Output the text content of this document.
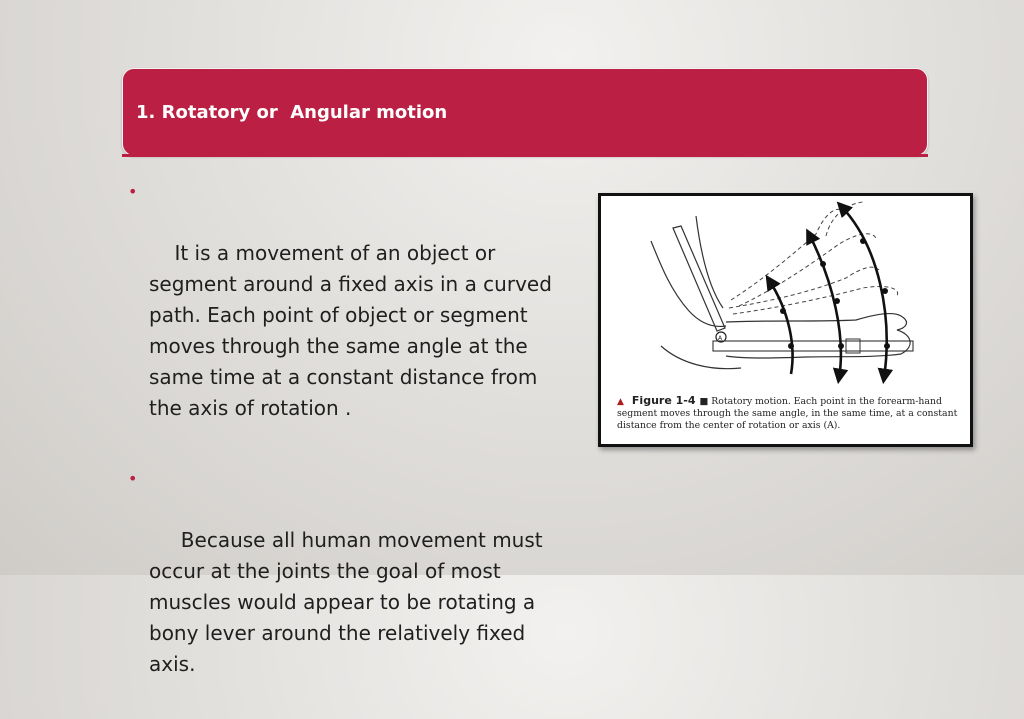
1. Rotatory or  Angular motion

•

It is a movement of an object or segment around a fixed axis in a curved path. Each point of object or segment moves through the same angle at the same time at a constant distance from the axis of rotation .

•

Because all human movement must occur at the joints the goal of most muscles would appear to be rotating a bony lever around the relatively fixed axis.

A
▲ Figure 1-4 ■ Rotatory motion. Each point in the forearm-hand segment moves through the same angle, in the same time, at a constant distance from the center of rotation or axis (A).
